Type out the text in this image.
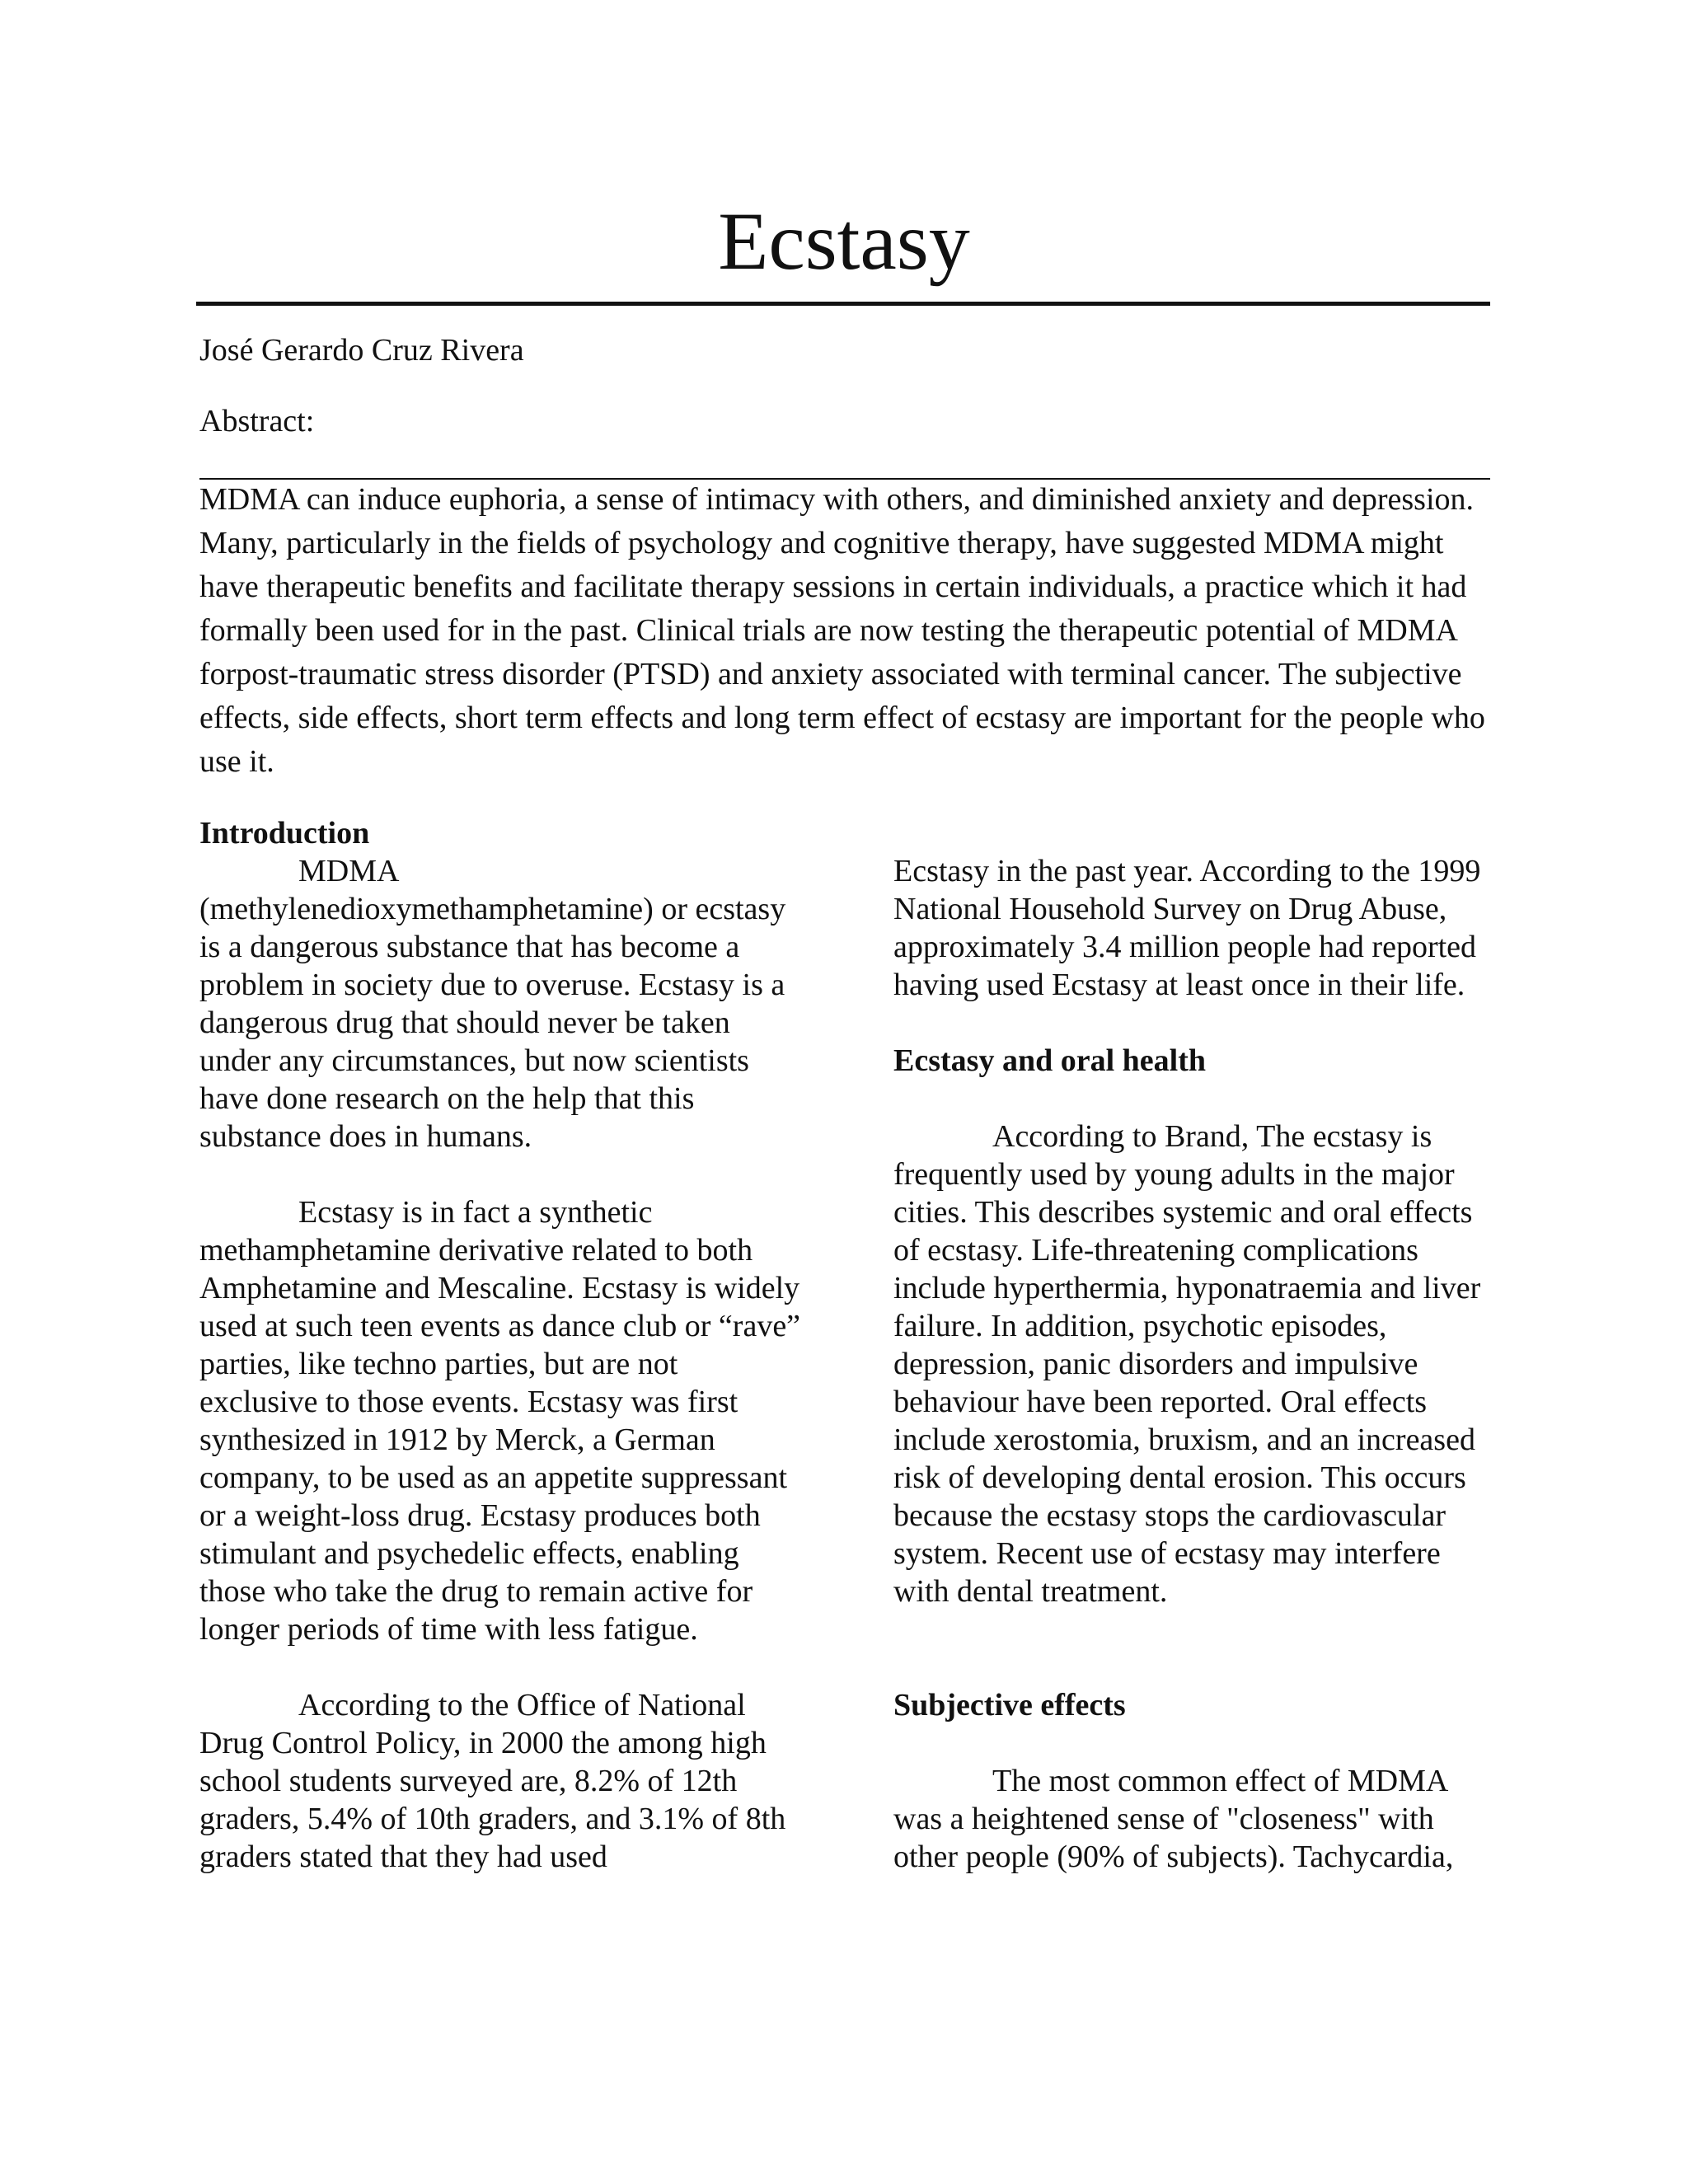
Ecstasy

José Gerardo Cruz Rivera

Abstract:

MDMA can induce euphoria, a sense of intimacy with others, and diminished anxiety and depression. Many, particularly in the fields of psychology and cognitive therapy, have suggested MDMA might have therapeutic benefits and facilitate therapy sessions in certain individuals, a practice which it had formally been used for in the past. Clinical trials are now testing the therapeutic potential of MDMA forpost-traumatic stress disorder (PTSD) and anxiety associated with terminal cancer. The subjective effects, side effects, short term effects and long term effect of ecstasy are important for the people who use it.

Introduction

MDMA (methylenedioxymethamphetamine) or ecstasy is a dangerous substance that has become a problem in society due to overuse. Ecstasy is a dangerous drug that should never be taken under any circumstances, but now scientists have done research on the help that this substance does in humans.

Ecstasy is in fact a synthetic methamphetamine derivative related to both Amphetamine and Mescaline. Ecstasy is widely used at such teen events as dance club or “rave” parties, like techno parties, but are not exclusive to those events. Ecstasy was first synthesized in 1912 by Merck, a German company, to be used as an appetite suppressant or a weight-loss drug. Ecstasy produces both stimulant and psychedelic effects, enabling those who take the drug to remain active for longer periods of time with less fatigue.

According to the Office of National Drug Control Policy, in 2000 the among high school students surveyed are, 8.2% of 12th graders, 5.4% of 10th graders, and 3.1% of 8th graders stated that they had used

Ecstasy in the past year. According to the 1999 National Household Survey on Drug Abuse, approximately 3.4 million people had reported having used Ecstasy at least once in their life.

Ecstasy and oral health

According to Brand, The ecstasy is frequently used by young adults in the major cities. This describes systemic and oral effects of ecstasy. Life-threatening complications include hyperthermia, hyponatraemia and liver failure. In addition, psychotic episodes, depression, panic disorders and impulsive behaviour have been reported. Oral effects include xerostomia, bruxism, and an increased risk of developing dental erosion. This occurs because the ecstasy stops the cardiovascular system. Recent use of ecstasy may interfere with dental treatment.

Subjective effects

The most common effect of MDMA was a heightened sense of "closeness" with other people (90% of subjects). Tachycardia,
